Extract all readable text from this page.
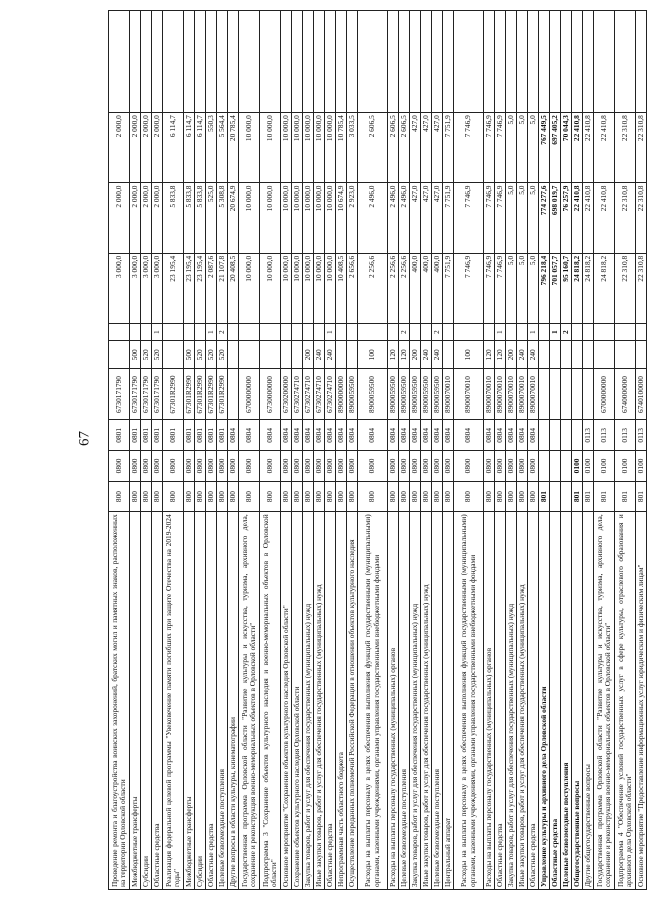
67
Проведение ремонта и благоустройства воинских захоронений, братских могил и памятных знаков, расположенных на территории Орловской области	800	0800	0801	6730171790			3 000,0	2 000,0	2 000,0	
Межбюджетные трансферты	800	0800	0801	6730171790	500		3 000,0	2 000,0	2 000,0	
Субсидии	800	0800	0801	6730171790	520		3 000,0	2 000,0	2 000,0	
Областные средства	800	0800	0801	6730171790	520	1	3 000,0	2 000,0	2 000,0	
Реализация федеральной целевой программы "Увековечение памяти погибших при защите Отечества на 2019-2024 годы"	800	0800	0801	67301R2990			23 195,4	5 833,8	6 114,7	
Межбюджетные трансферты	800	0800	0801	67301R2990	500		23 195,4	5 833,8	6 114,7	
Субсидии	800	0800	0801	67301R2990	520		23 195,4	5 833,8	6 114,7	
Областные средства	800	0800	0801	67301R2990	520	1	2 087,6	525,0	550,3	
Целевые безвозмездные поступления	800	0800	0801	67301R2990	520	2	21 107,8	5 308,8	5 564,4	
Другие вопросы в области культуры, кинематографии	800	0800	0804				20 408,5	20 674,9	20 785,4	
Государственная программа Орловской области "Развитие культуры и искусства, туризма, архивного дела, сохранение и реконструкция военно-мемориальных объектов в Орловской области"	800	0800	0804	6700000000			10 000,0	10 000,0	10 000,0	
Подпрограмма 3 "Сохранение объектов культурного наследия и военно-мемориальных объектов в Орловской области"	800	0800	0804	6730000000			10 000,0	10 000,0	10 000,0	
Основное мероприятие "Сохранение объектов культурного наследия Орловской области"	800	0800	0804	6730200000			10 000,0	10 000,0	10 000,0	
Сохранение объектов культурного наследия Орловской области	800	0800	0804	6730274710			10 000,0	10 000,0	10 000,0	
Закупка товаров, работ и услуг для обеспечения государственных (муниципальных) нужд	800	0800	0804	6730274710	200		10 000,0	10 000,0	10 000,0	
Иные закупки товаров, работ и услуг для обеспечения государственных (муниципальных) нужд	800	0800	0804	6730274710	240		10 000,0	10 000,0	10 000,0	
Областные средства	800	0800	0804	6730274710	240	1	10 000,0	10 000,0	10 000,0	
Непрограммная часть областного бюджета	800	0800	0804	8900000000			10 408,5	10 674,9	10 785,4	
Осуществление переданных полномочий Российской Федерации в отношении объектов культурного наследия	800	0800	0804	8900059500			2 656,6	2 923,0	3 033,5	
Расходы на выплаты персоналу в целях обеспечения выполнения функций государственными (муниципальными) органами, казенными учреждениями, органами управления государственными внебюджетными фондами	800	0800	0804	8900059500	100		2 256,6	2 496,0	2 606,5	
Расходы на выплаты персоналу государственных (муниципальных) органов	800	0800	0804	8900059500	120		2 256,6	2 496,0	2 606,5	
Целевые безвозмездные поступления	800	0800	0804	8900059500	120	2	2 256,6	2 496,0	2 606,5	
Закупка товаров, работ и услуг для обеспечения государственных (муниципальных) нужд	800	0800	0804	8900059500	200		400,0	427,0	427,0	
Иные закупки товаров, работ и услуг для обеспечения государственных (муниципальных) нужд	800	0800	0804	8900059500	240		400,0	427,0	427,0	
Целевые безвозмездные поступления	800	0800	0804	8900059500	240	2	400,0	427,0	427,0	
Центральный аппарат	800	0800	0804	8900070010			7 751,9	7 751,9	7 751,9	
Расходы на выплаты персоналу в целях обеспечения выполнения функций государственными (муниципальными) органами, казенными учреждениями, органами управления государственными внебюджетными фондами	800	0800	0804	8900070010	100		7 746,9	7 746,9	7 746,9	
Расходы на выплаты персоналу государственных (муниципальных) органов	800	0800	0804	8900070010	120		7 746,9	7 746,9	7 746,9	
Областные средства	800	0800	0804	8900070010	120	1	7 746,9	7 746,9	7 746,9	
Закупка товаров, работ и услуг для обеспечения государственных (муниципальных) нужд	800	0800	0804	8900070010	200		5,0	5,0	5,0	
Иные закупки товаров, работ и услуг для обеспечения государственных (муниципальных) нужд	800	0800	0804	8900070010	240		5,0	5,0	5,0	
Областные средства	800	0800	0804	8900070010	240	1	5,0	5,0	5,0	
Управление культуры и архивного дела Орловской области	801						796 218,4	774 277,6	767 449,5	
Областные средства						1	701 057,7	698 019,7	697 405,2	
Целевые безвозмездные поступления						2	95 160,7	76 257,9	70 044,3	
Общегосударственные вопросы	801	0100					24 818,2	22 410,8	22 410,8	
Другие общегосударственные вопросы	801	0100	0113				24 818,2	22 410,8	22 410,8	
Государственная программа Орловской области "Развитие культуры и искусства, туризма, архивного дела, сохранение и реконструкция военно-мемориальных объектов в Орловской области"	801	0100	0113	6700000000			24 818,2	22 410,8	22 410,8	
Подпрограмма 4 "Обеспечение условий государственных услуг в сфере культуры, отраслевого образования и архивного дела Орловской области"	801	0100	0113	6740000000			22 310,8	22 310,8	22 310,8	
Основное мероприятие "Предоставление информационных услуг юридическим и физическим лицам"	801	0100	0113	6740100000			22 310,8	22 310,8	22 310,8	
